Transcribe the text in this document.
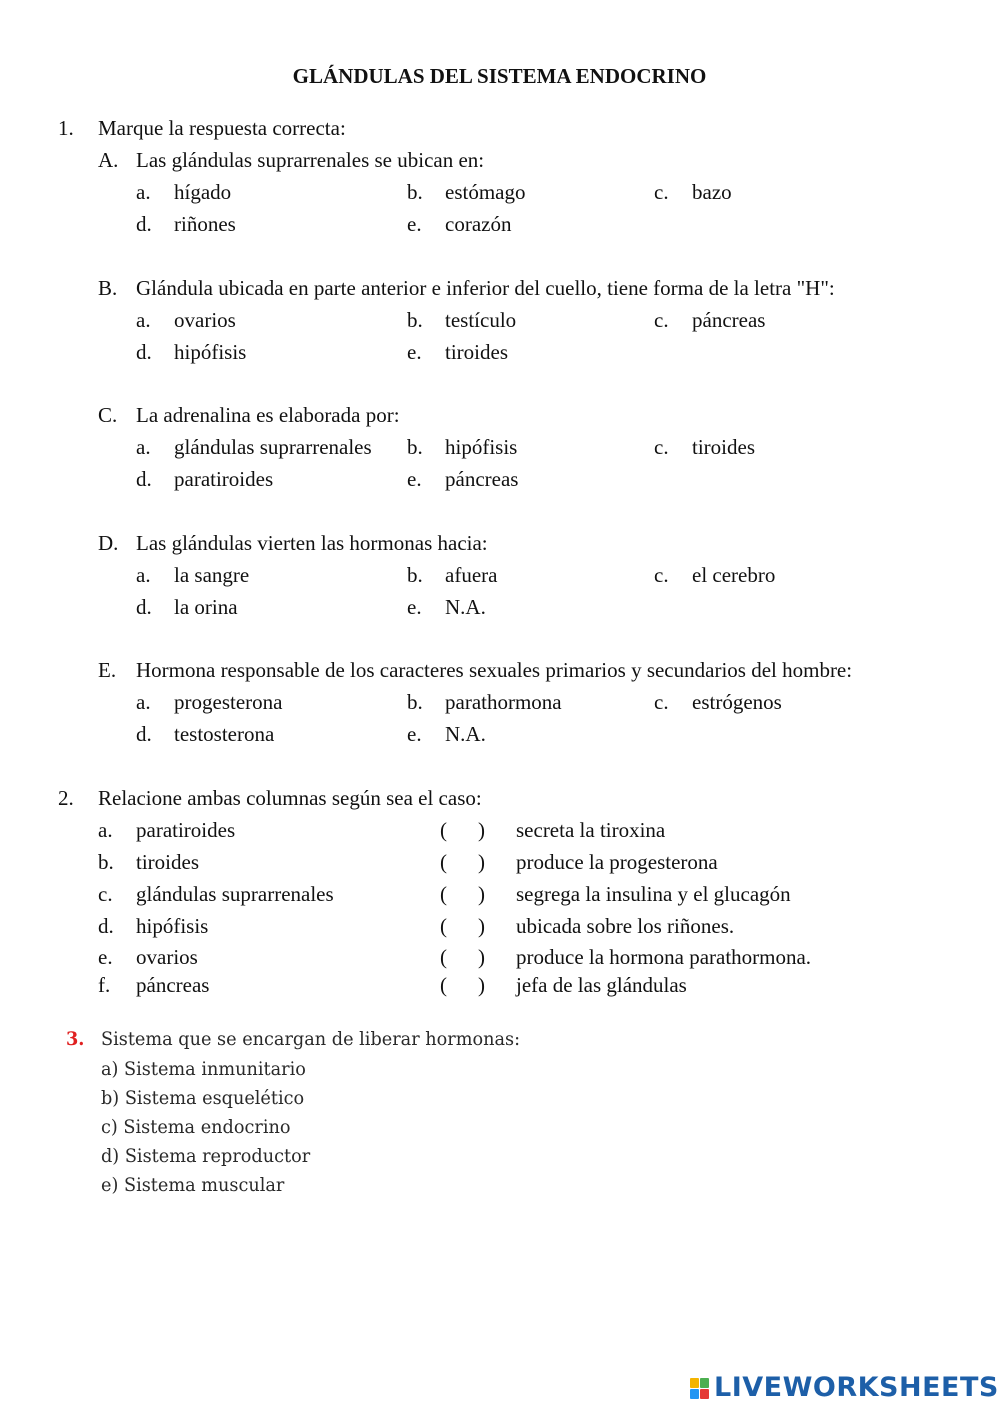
GLÁNDULAS DEL SISTEMA ENDOCRINO
1. Marque la respuesta correcta:
A. Las glándulas suprarrenales se ubican en:
a. hígado	b. estómago	c. bazo
d. riñones	e. corazón
B. Glándula ubicada en parte anterior e inferior del cuello, tiene forma de la letra "H":
a. ovarios	b. testículo	c. páncreas
d. hipófisis	e. tiroides
C. La adrenalina es elaborada por:
a. glándulas suprarrenales b. hipófisis	c. tiroides
d. paratiroides	e. páncreas
D. Las glándulas vierten las hormonas hacia:
a. la sangre	b. afuera	c. el cerebro
d. la orina	e. N.A.
E. Hormona responsable de los caracteres sexuales primarios y secundarios del hombre:
a. progesterona	b. parathormona	c. estrógenos
d. testosterona	e. N.A.
2. Relacione ambas columnas según sea el caso:
a. paratiroides	( ) secreta la tiroxina
b. tiroides	( ) produce la progesterona
c. glándulas suprarrenales	( ) segrega la insulina y el glucagón
d. hipófisis	( ) ubicada sobre los riñones.
e. ovarios	( ) produce la hormona parathormona.
f. páncreas	( ) jefa de las glándulas
3. Sistema que se encargan de liberar hormonas:
a) Sistema inmunitario
b) Sistema esquelético
c) Sistema endocrino
d) Sistema reproductor
e) Sistema muscular
LIVEWORKSHEETS
